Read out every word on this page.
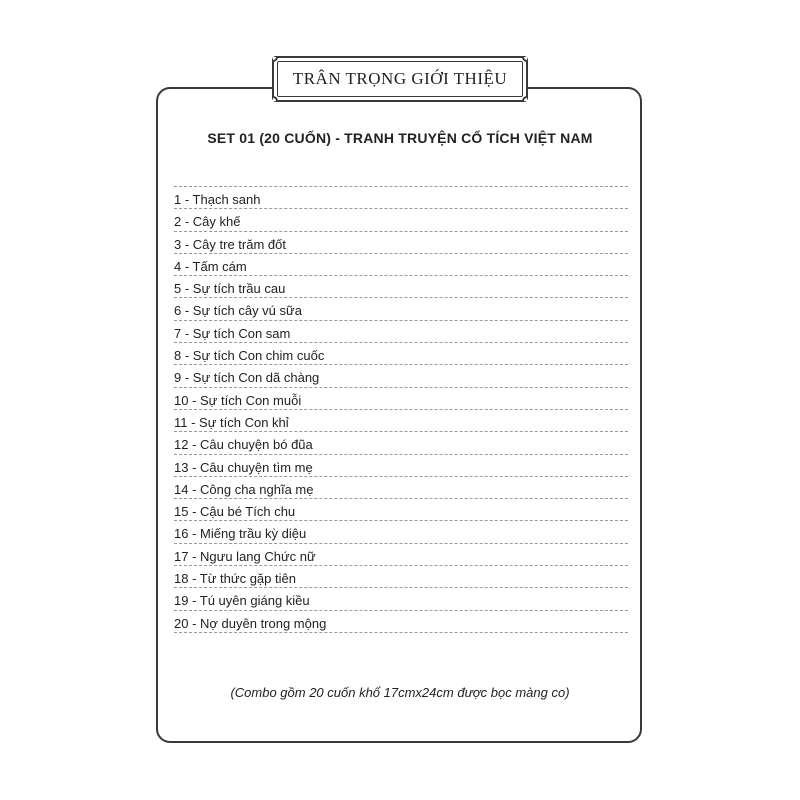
TRÂN TRỌNG GIỚI THIỆU
SET 01 (20 CUỐN) - TRANH TRUYỆN CỔ TÍCH VIỆT NAM
1 - Thạch sanh
2 - Cây khế
3 - Cây tre trăm đốt
4 - Tấm cám
5 - Sự tích trầu cau
6 - Sự tích cây vú sữa
7 - Sự tích Con sam
8 - Sự tích Con chim cuốc
9 - Sự tích Con dã chàng
10 - Sự tích Con muỗi
11 - Sự tích Con khỉ
12 - Câu chuyện bó đũa
13 - Câu chuyện tìm mẹ
14 - Công cha nghĩa mẹ
15 - Cậu bé Tích chu
16 - Miếng trầu kỳ diệu
17 - Ngưu lang Chức nữ
18 - Từ thức gặp tiên
19 - Tú uyên giáng kiều
20 - Nợ duyên trong mộng
(Combo gồm 20 cuốn khổ 17cmx24cm được bọc màng co)
